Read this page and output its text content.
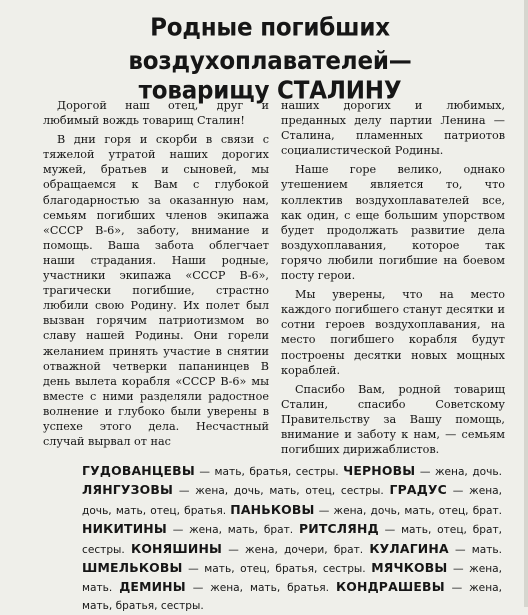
Родные погибших воздухоплавателей—
товарищу СТАЛИНУ

Дорогой наш отец, друг и любимый вождь товарищ Сталин!

В дни горя и скорби в связи с тяжелой утратой наших дорогих мужей, братьев и сыновей, мы обращаемся к Вам с глубокой благодарностью за оказанную нам, семьям погибших членов экипажа «СССР В-6», заботу, внимание и помощь. Ваша забота облегчает наши страдания. Наши родные, участники экипажа «СССР В-6», трагически погибшие, страстно любили свою Родину. Их полет был вызван горячим патриотизмом во славу нашей Родины. Они горели желанием принять участие в снятии отважной четверки папанинцев В день вылета корабля «СССР В-6» мы вместе с ними разделяли радостное волнение и глубоко были уверены в успехе этого дела. Несчастный случай вырвал от нас

наших дорогих и любимых, преданных делу партии Ленина — Сталина, пламенных патриотов социалистической Родины.

Наше горе велико, однако утешением является то, что коллектив воздухоплавателей все, как один, с еще большим упорством будет продолжать развитие дела воздухоплавания, которое так горячо любили погибшие на боевом посту герои.

Мы уверены, что на место каждого погибшего станут десятки и сотни героев воздухоплавания, на место погибшего корабля будут построены десятки новых мощных кораблей.

Спасибо Вам, родной товарищ Сталин, спасибо Советскому Правительству за Вашу помощь, внимание и заботу к нам, — семьям погибших дирижаблистов.

ГУДОВАНЦЕВЫ — мать, братья, сестры. ЧЕРНОВЫ — жена, дочь. ЛЯНГУЗОВЫ — жена, дочь, мать, отец, сестры. ГРАДУС — жена, дочь, мать, отец, братья. ПАНЬКОВЫ — жена, дочь, мать, отец, брат. НИКИТИНЫ — жена, мать, брат. РИТСЛЯНД — мать, отец, брат, сестры. КОНЯШИНЫ — жена, дочери, брат. КУЛАГИНА — мать. ШМЕЛЬКОВЫ — мать, отец, братья, сестры. МЯЧКОВЫ — жена, мать. ДЕМИНЫ — жена, мать, братья. КОНДРАШЕВЫ — жена, мать, братья, сестры.
